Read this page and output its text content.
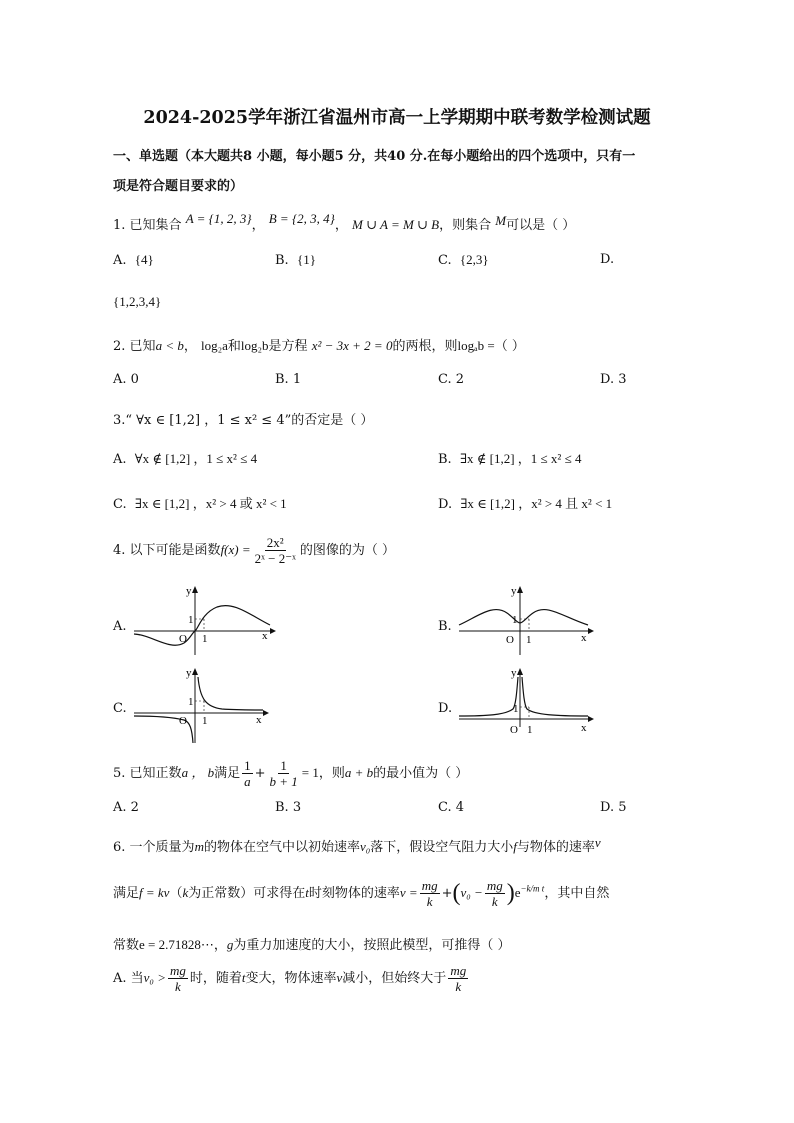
2024-2025学年浙江省温州市高一上学期期中联考数学检测试题
一、单选题（本大题共8 小题，每小题5 分，共40 分.在每小题给出的四个选项中，只有一
项是符合题目要求的）
1. 已知集合 A = {1, 2, 3}， B = {2, 3, 4}， M ∪ A = M ∪ B，则集合 M可以是（ ）
A. {4}	B. {1}	C. {2,3}	D.
{1,2,3,4}
2. 已知a < b， log₂a和log₂b是方程 x² − 3x + 2 = 0的两根，则logₐb =（ ）
A. 0	B. 1	C. 2	D. 3
3.“ ∀x ∈ [1,2] ，1 ≤ x² ≤ 4”的否定是（ ）
A. ∀x ∉ [1,2] ，1 ≤ x² ≤ 4	B. ∃x ∉ [1,2] ，1 ≤ x² ≤ 4
C. ∃x ∈ [1,2] ，x² > 4 或 x² < 1	D. ∃x ∈ [1,2] ，x² > 4 且 x² < 1
4. 以下可能是函数$f(x) = \frac{\text{2x²}}{\text{2ˣ − 2⁻ˣ}}$ 的图像的为（ ）
A.
y
x
O 1
1	B.
y
x
O 1
1
C.
y
x
O 1
1	D.
y
x
O 1
1
5. 已知正数a ， b满足 $\frac{1}{a} + \frac{1}{b + 1} = 1$，则a + b的最小值为（ ）
A. 2	B. 3	C. 4	D. 5
6. 一个质量为m的物体在空气中以初始速率v₀落下，假设空气阻力大小f与物体的速率v
满足f = kv（k为正常数）可求得在t时刻物体的速率$v = \frac{mg}{k} +(v_0 - \frac{mg}{k} )e^{-k/m t}$，其中自然
常数e = 2.71828⋯，g为重力加速度的大小，按照此模型，可推得（ ）
A. 当$v_0 > \frac{mg}{k}$ 时，随着t变大，物体速率v减小，但始终大于 $\frac{mg}{k}$
